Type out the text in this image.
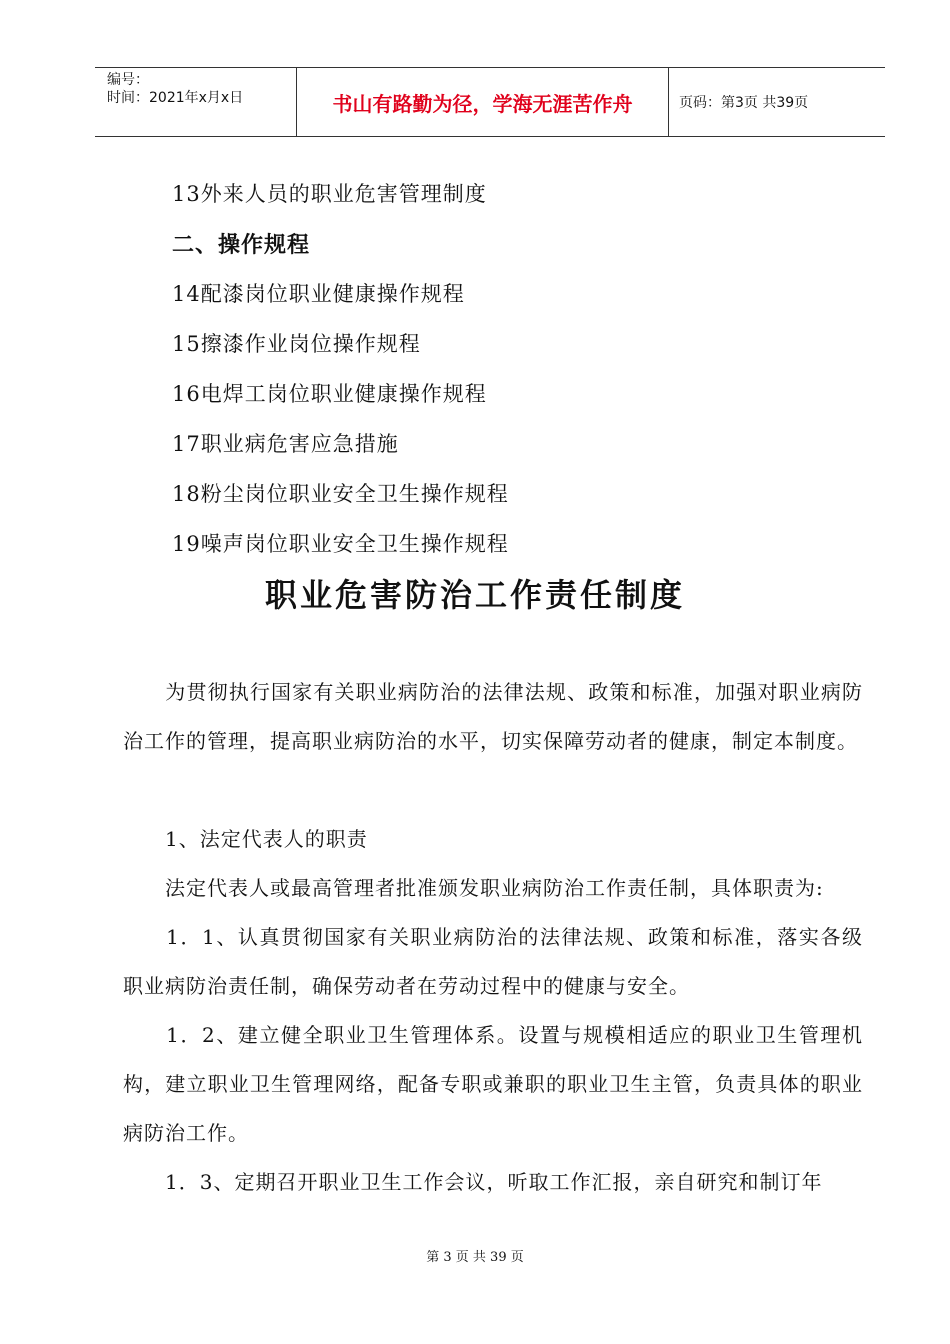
编号：
时间：2021年x月x日	书山有路勤为径，学海无涯苦作舟	页码：第3页 共39页
13外来人员的职业危害管理制度
二、操作规程
14配漆岗位职业健康操作规程
15擦漆作业岗位操作规程
16电焊工岗位职业健康操作规程
17职业病危害应急措施
18粉尘岗位职业安全卫生操作规程
19噪声岗位职业安全卫生操作规程
职业危害防治工作责任制度
　　为贯彻执行国家有关职业病防治的法律法规、政策和标准，加强对职业病防治工作的管理，提高职业病防治的水平，切实保障劳动者的健康，制定本制度。
　　1、法定代表人的职责
　　法定代表人或最高管理者批准颁发职业病防治工作责任制，具体职责为:
　　1．1、认真贯彻国家有关职业病防治的法律法规、政策和标准，落实各级职业病防治责任制，确保劳动者在劳动过程中的健康与安全。
　　1．2、建立健全职业卫生管理体系。设置与规模相适应的职业卫生管理机构，建立职业卫生管理网络，配备专职或兼职的职业卫生主管，负责具体的职业病防治工作。
　　1．3、定期召开职业卫生工作会议，听取工作汇报，亲自研究和制订年
第 3 页 共 39 页
